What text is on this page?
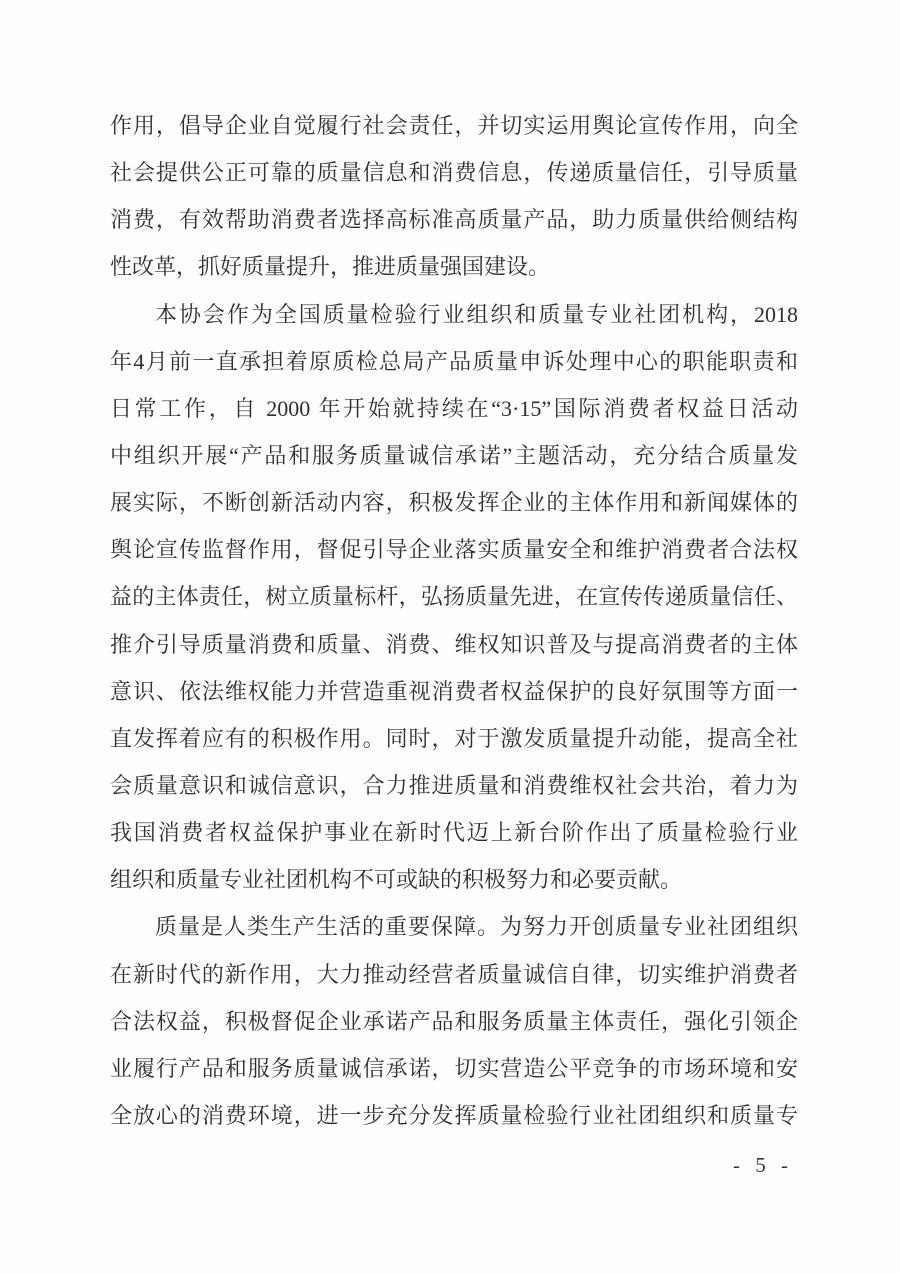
作用，倡导企业自觉履行社会责任，并切实运用舆论宣传作用，向全
社会提供公正可靠的质量信息和消费信息，传递质量信任，引导质量
消费，有效帮助消费者选择高标准高质量产品，助力质量供给侧结构
性改革，抓好质量提升，推进质量强国建设。
本协会作为全国质量检验行业组织和质量专业社团机构，2018
年4月前一直承担着原质检总局产品质量申诉处理中心的职能职责和
日常工作，自 2000 年开始就持续在“3·15”国际消费者权益日活动
中组织开展“产品和服务质量诚信承诺”主题活动，充分结合质量发
展实际，不断创新活动内容，积极发挥企业的主体作用和新闻媒体的
舆论宣传监督作用，督促引导企业落实质量安全和维护消费者合法权
益的主体责任，树立质量标杆，弘扬质量先进，在宣传传递质量信任、
推介引导质量消费和质量、消费、维权知识普及与提高消费者的主体
意识、依法维权能力并营造重视消费者权益保护的良好氛围等方面一
直发挥着应有的积极作用。同时，对于激发质量提升动能，提高全社
会质量意识和诚信意识，合力推进质量和消费维权社会共治，着力为
我国消费者权益保护事业在新时代迈上新台阶作出了质量检验行业
组织和质量专业社团机构不可或缺的积极努力和必要贡献。
质量是人类生产生活的重要保障。为努力开创质量专业社团组织
在新时代的新作用，大力推动经营者质量诚信自律，切实维护消费者
合法权益，积极督促企业承诺产品和服务质量主体责任，强化引领企
业履行产品和服务质量诚信承诺，切实营造公平竞争的市场环境和安
全放心的消费环境，进一步充分发挥质量检验行业社团组织和质量专
- 5 -
